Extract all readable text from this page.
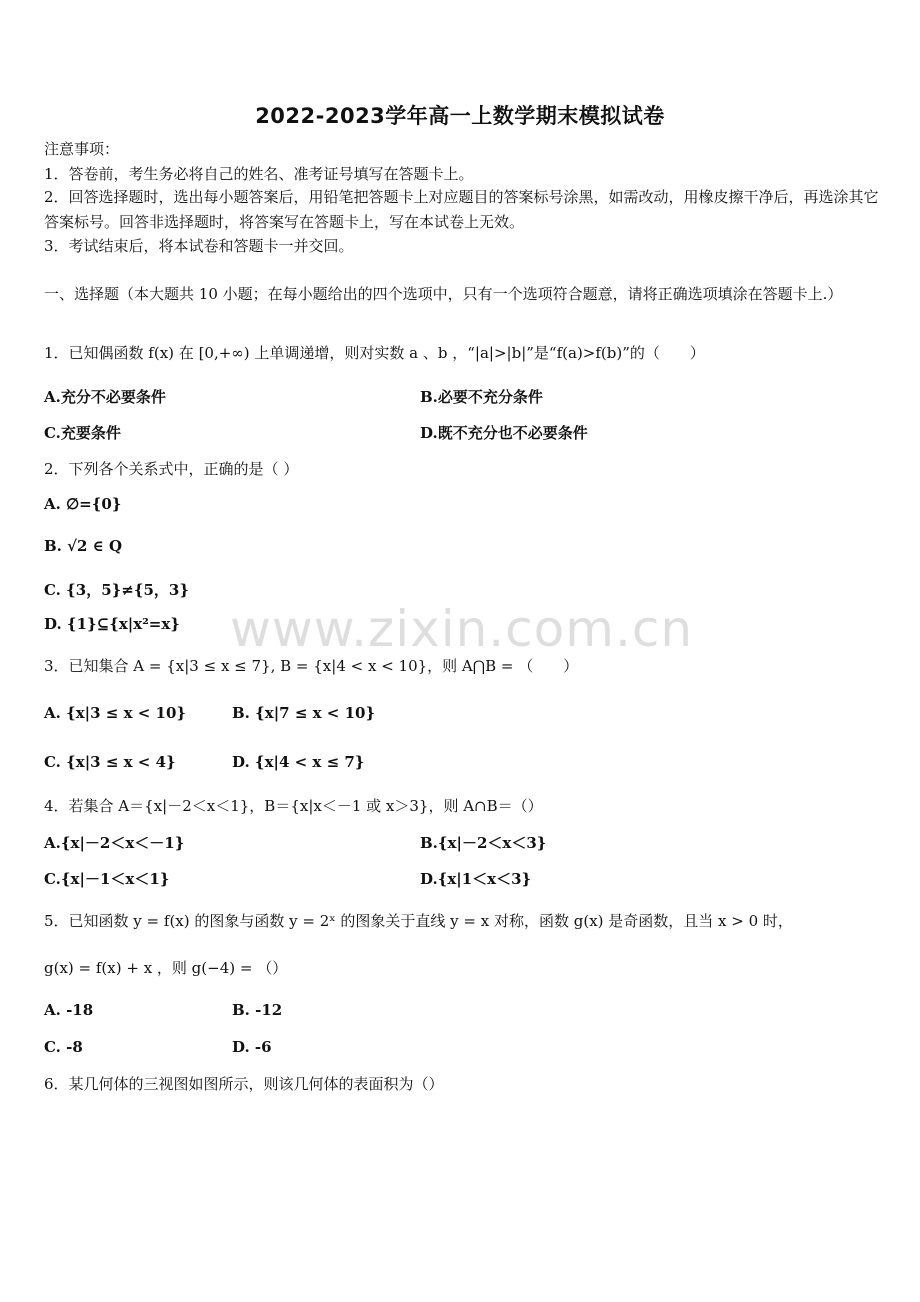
2022-2023学年高一上数学期末模拟试卷
注意事项：
1．答卷前，考生务必将自己的姓名、准考证号填写在答题卡上。
2．回答选择题时，选出每小题答案后，用铅笔把答题卡上对应题目的答案标号涂黑，如需改动，用橡皮擦干净后，再选涂其它答案标号。回答非选择题时，将答案写在答题卡上，写在本试卷上无效。
3．考试结束后，将本试卷和答题卡一并交回。
一、选择题（本大题共 10 小题；在每小题给出的四个选项中，只有一个选项符合题意，请将正确选项填涂在答题卡上.）
1．已知偶函数 f(x) 在 [0,+∞) 上单调递增，则对实数 a 、b ，“|a|>|b|”是“f(a)>f(b)”的（　　）
A.充分不必要条件	B.必要不充分条件
C.充要条件	D.既不充分也不必要条件
2．下列各个关系式中，正确的是（ ）
A. ∅={0}
B. √2 ∈ Q
C. {3，5}≠{5，3}
D. {1}⊆{x|x²=x}
3．已知集合 A = {x|3 ≤ x ≤ 7}, B = {x|4 < x < 10}，则 A⋂B = （　　）
A. {x|3 ≤ x < 10}	B. {x|7 ≤ x < 10}
C. {x|3 ≤ x < 4}	D. {x|4 < x ≤ 7}
4．若集合 A＝{x|－2＜x＜1}，B＝{x|x＜－1 或 x＞3}，则 A∩B＝（）
A.{x|－2＜x＜－1}	B.{x|－2＜x＜3}
C.{x|－1＜x＜1}	D.{x|1＜x＜3}
5．已知函数 y = f(x) 的图象与函数 y = 2ˣ 的图象关于直线 y = x 对称，函数 g(x) 是奇函数，且当 x > 0 时，
g(x) = f(x) + x ，则 g(−4) = （）
A. -18	B. -12
C. -8	D. -6
6．某几何体的三视图如图所示，则该几何体的表面积为（）
www.zixin.com.cn
